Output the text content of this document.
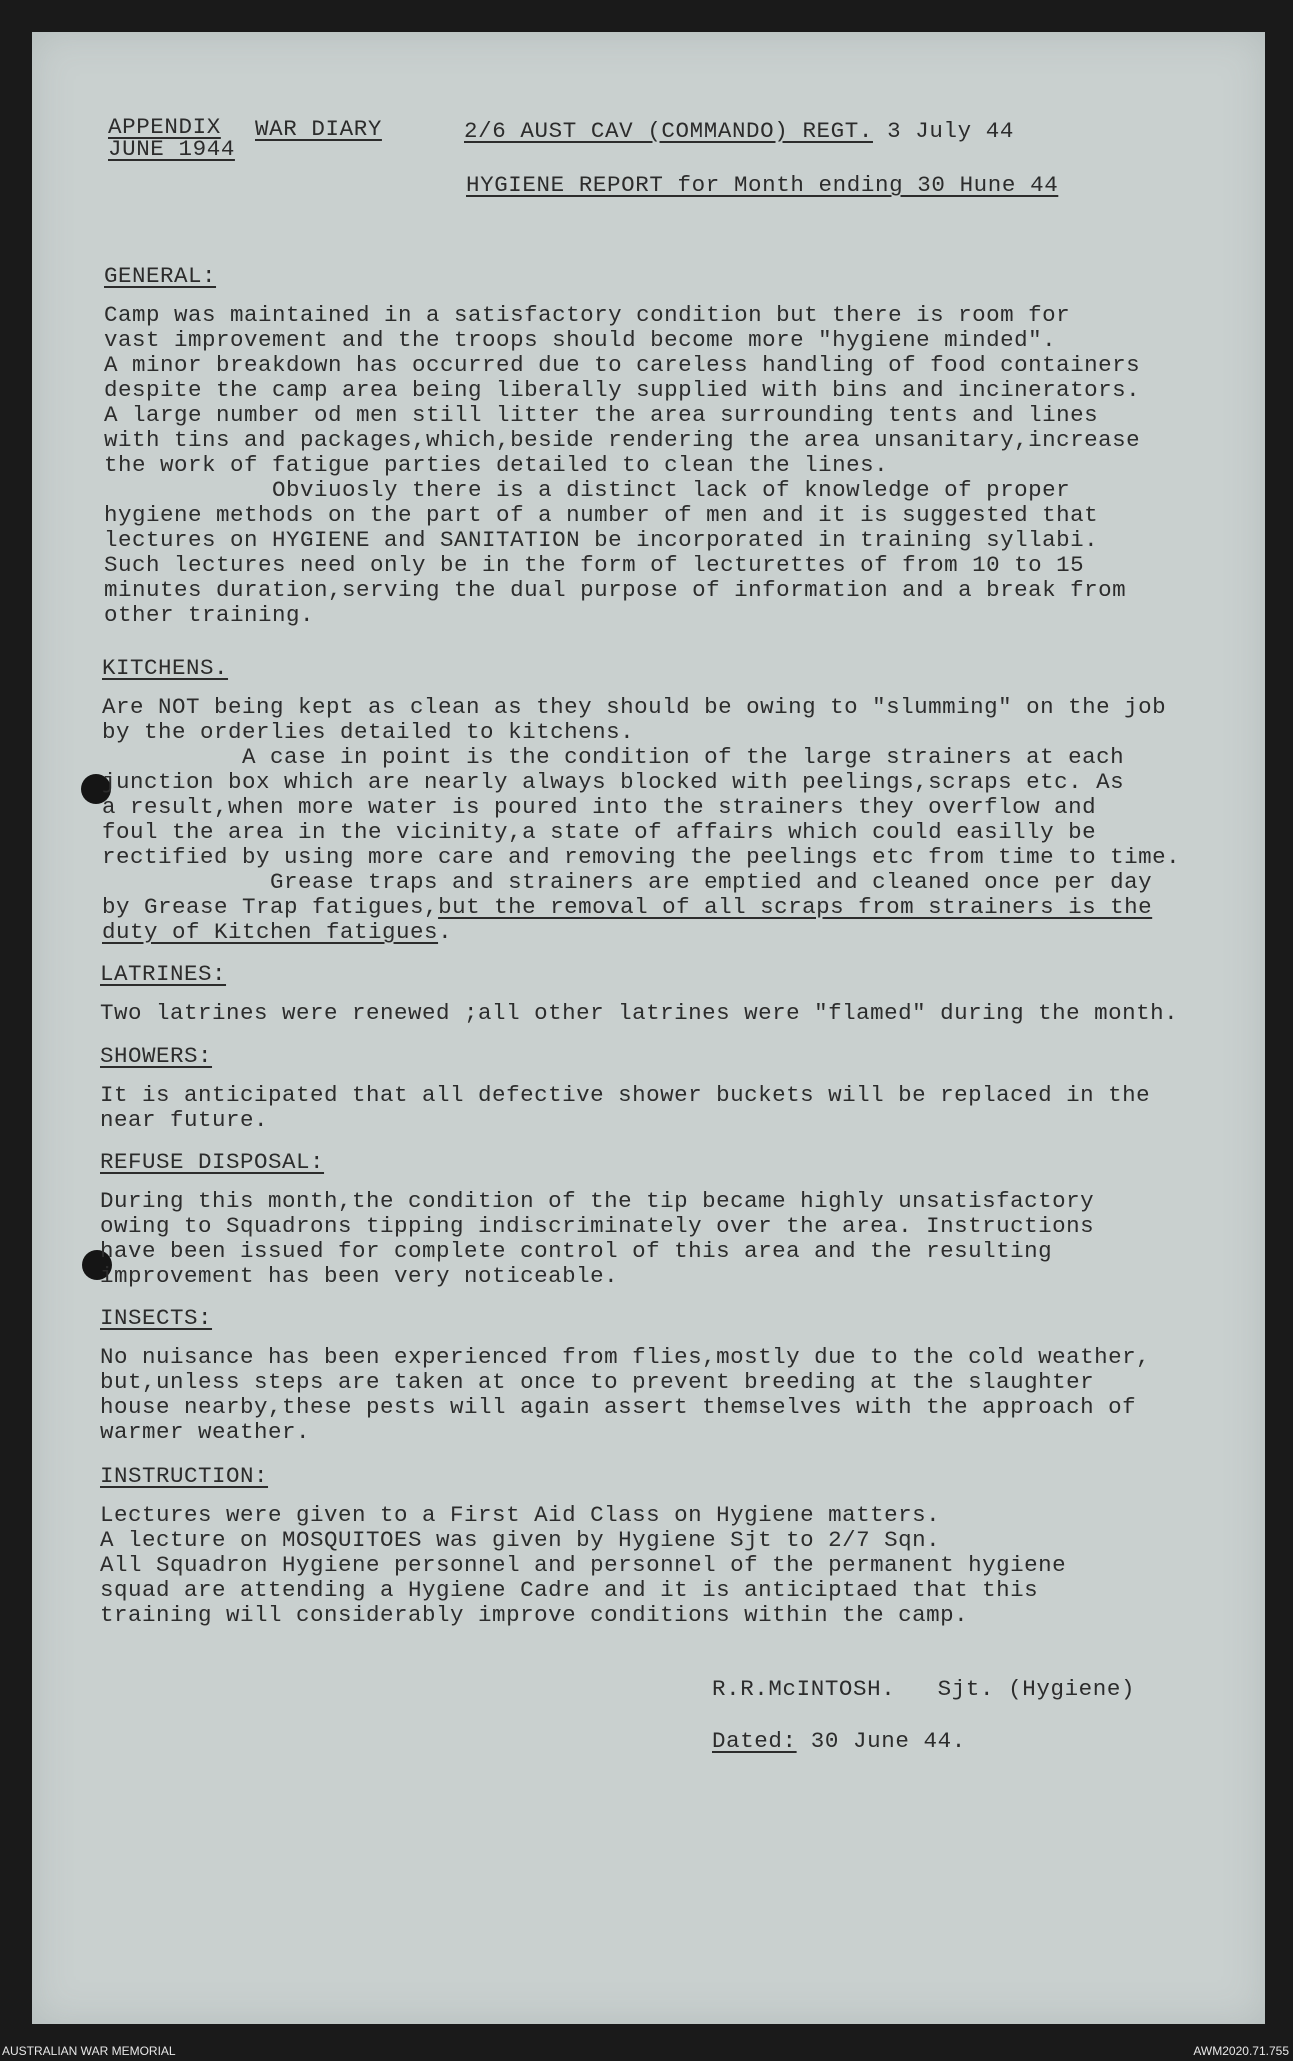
APPENDIX
JUNE 1944
WAR DIARY	2/6 AUST CAV (COMMANDO) REGT. 3 July 44
HYGIENE REPORT for Month ending 30 Hune 44
GENERAL:

Camp was maintained in a satisfactory condition but there is room for
vast improvement and the troops should become more "hygiene minded".
A minor breakdown has occurred due to careless handling of food containers
despite the camp area being liberally supplied with bins and incinerators.
A large number od men still litter the area surrounding tents and lines
with tins and packages,which,beside rendering the area unsanitary,increase
the work of fatigue parties detailed to clean the lines.
Obviuosly there is a distinct lack of knowledge of proper
hygiene methods on the part of a number of men and it is suggested that
lectures on HYGIENE and SANITATION be incorporated in training syllabi.
Such lectures need only be in the form of lecturettes of from 10 to 15
minutes duration,serving the dual purpose of information and a break from
other training.

KITCHENS.

Are NOT being kept as clean as they should be owing to "slumming" on the job
by the orderlies detailed to kitchens.
A case in point is the condition of the large strainers at each
junction box which are nearly always blocked with peelings,scraps etc. As
a result,when more water is poured into the strainers they overflow and
foul the area in the vicinity,a state of affairs which could easilly be
rectified by using more care and removing the peelings etc from time to time.
Grease traps and strainers are emptied and cleaned once per day
by Grease Trap fatigues,but the removal of all scraps from strainers is the
duty of Kitchen fatigues.

LATRINES:

Two latrines were renewed ;all other latrines were "flamed" during the month.

SHOWERS:

It is anticipated that all defective shower buckets will be replaced in the
near future.

REFUSE DISPOSAL:

During this month,the condition of the tip became highly unsatisfactory
owing to Squadrons tipping indiscriminately over the area. Instructions
have been issued for complete control of this area and the resulting
improvement has been very noticeable.

INSECTS:

No nuisance has been experienced from flies,mostly due to the cold weather,
but,unless steps are taken at once to prevent breeding at the slaughter
house nearby,these pests will again assert themselves with the approach of
warmer weather.

INSTRUCTION:

Lectures were given to a First Aid Class on Hygiene matters.
A lecture on MOSQUITOES was given by Hygiene Sjt to 2/7 Sqn.
All Squadron Hygiene personnel and personnel of the permanent hygiene
squad are attending a Hygiene Cadre and it is anticiptaed that this
training will considerably improve conditions within the camp.

R.R.McINTOSH. Sjt. (Hygiene)
Dated: 30 June 44.
AUSTRALIAN WAR MEMORIAL	AWM2020.71.755
